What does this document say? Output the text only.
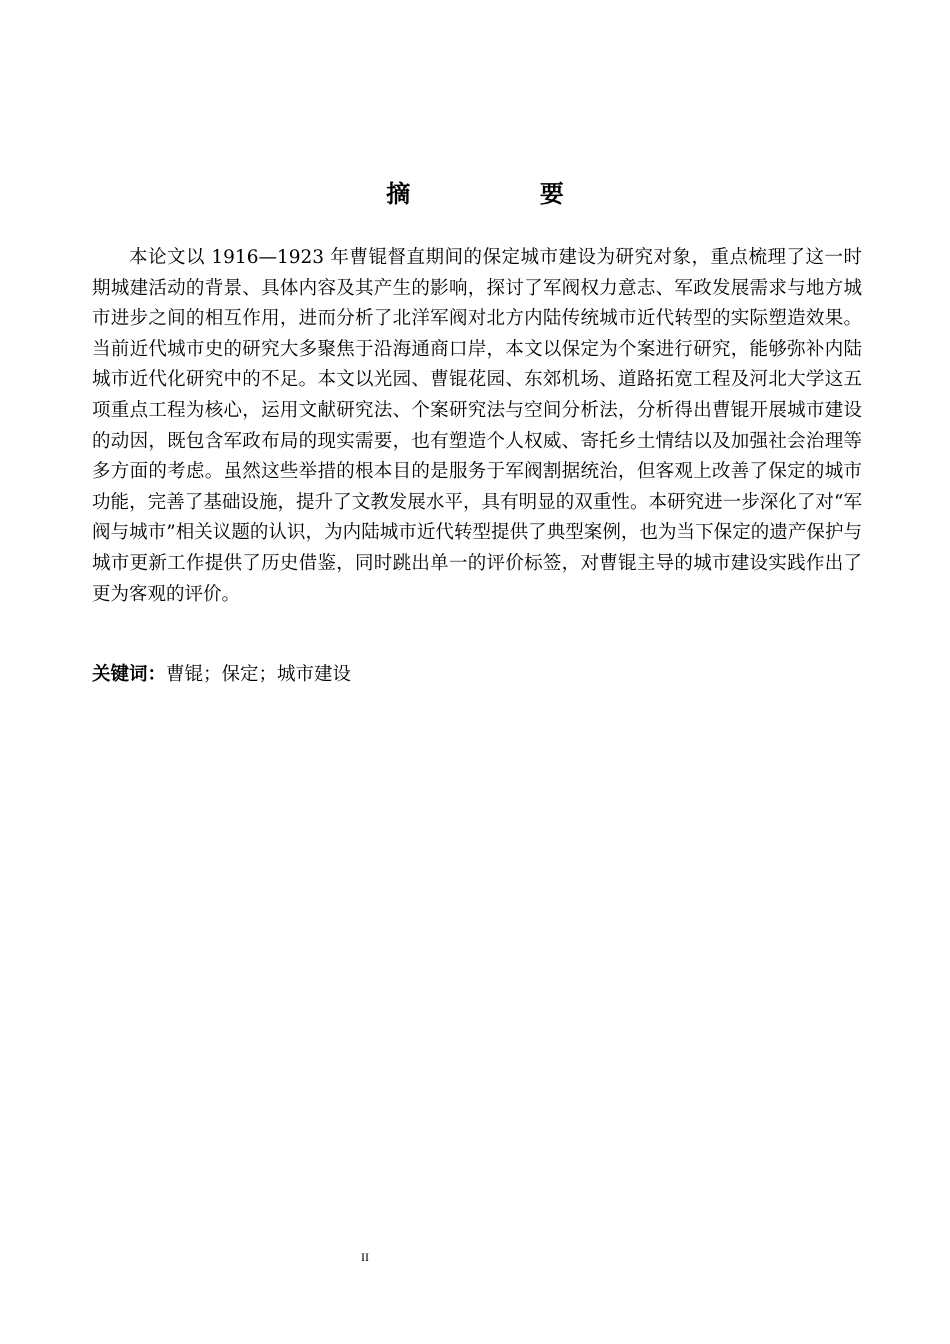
摘　要

本论文以 1916—1923 年曹锟督直期间的保定城市建设为研究对象，重点梳理了这一时期城建活动的背景、具体内容及其产生的影响，探讨了军阀权力意志、军政发展需求与地方城市进步之间的相互作用，进而分析了北洋军阀对北方内陆传统城市近代转型的实际塑造效果。当前近代城市史的研究大多聚焦于沿海通商口岸，本文以保定为个案进行研究，能够弥补内陆城市近代化研究中的不足。本文以光园、曹锟花园、东郊机场、道路拓宽工程及河北大学这五项重点工程为核心，运用文献研究法、个案研究法与空间分析法，分析得出曹锟开展城市建设的动因，既包含军政布局的现实需要，也有塑造个人权威、寄托乡土情结以及加强社会治理等多方面的考虑。虽然这些举措的根本目的是服务于军阀割据统治，但客观上改善了保定的城市功能，完善了基础设施，提升了文教发展水平，具有明显的双重性。本研究进一步深化了对“军阀与城市”相关议题的认识，为内陆城市近代转型提供了典型案例，也为当下保定的遗产保护与城市更新工作提供了历史借鉴，同时跳出单一的评价标签，对曹锟主导的城市建设实践作出了更为客观的评价。

关键词：曹锟；保定；城市建设

II
